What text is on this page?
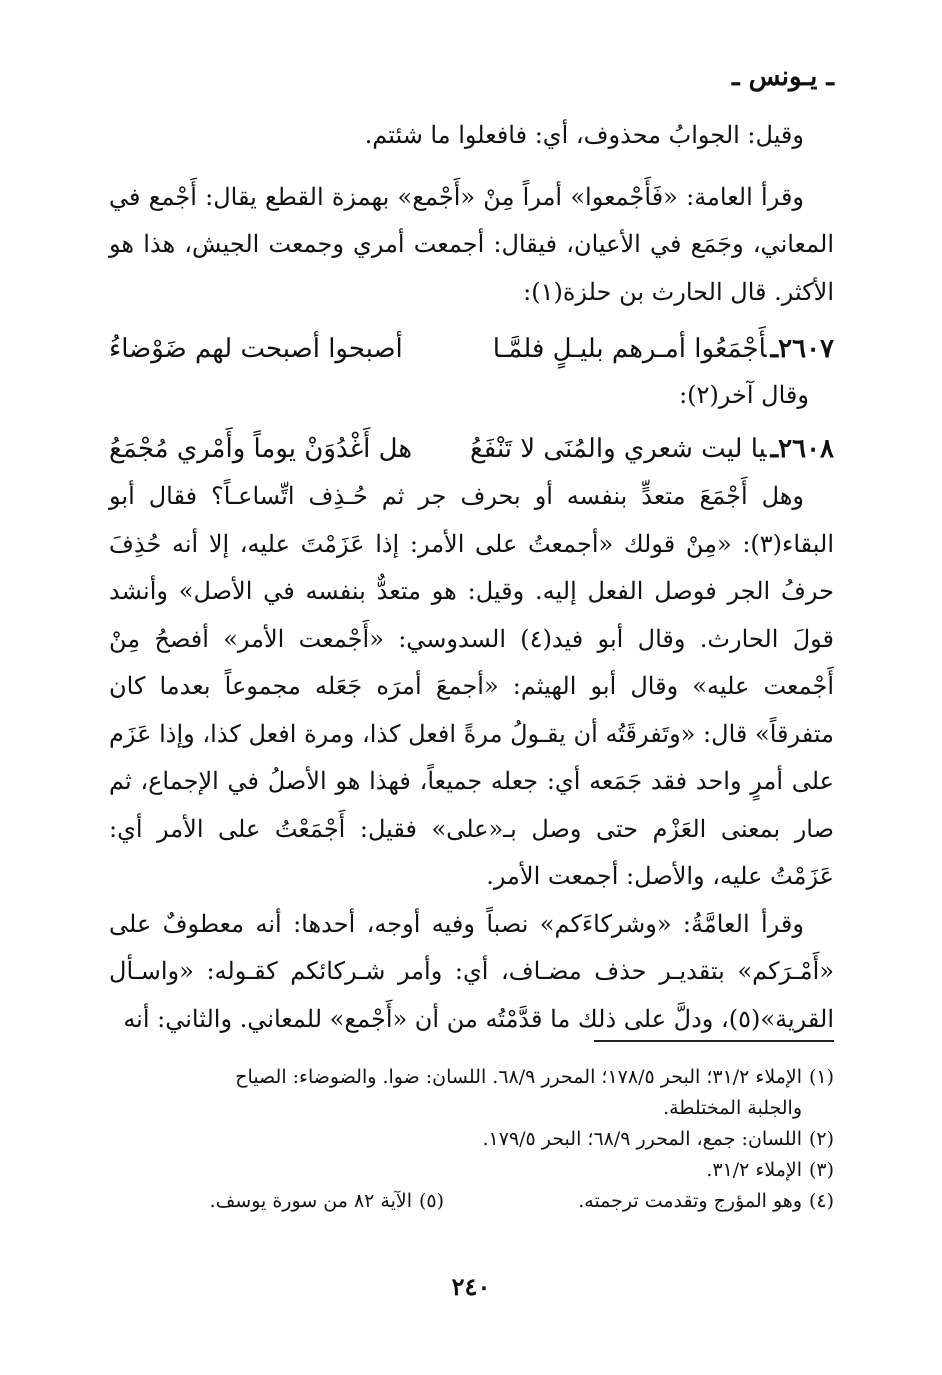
ـ يـونس ـ

وقيل: الجوابُ محذوف، أي: فافعلوا ما شئتم.

وقرأ العامة: «فَأَجْمعوا» أمراً مِنْ «أَجْمع» بهمزة القطع يقال: أَجْمع في المعاني، وجَمَع في الأعيان، فيقال: أجمعت أمري وجمعت الجيش، هذا هو الأكثر. قال الحارث بن حلزة(١):

٢٦٠٧ـأَجْمَعُوا أمـرهم بليـلٍ فلمَّـا
أصبحوا أصبحت لهم ضَوْضاءُ

وقال آخر(٢):

٢٦٠٨ـيا ليت شعري والمُنَى لا تَنْفَعُ
هل أَغْدُوَنْ يوماً وأَمْري مُجْمَعُ

وهل أَجْمَعَ متعدٍّ بنفسه أو بحرف جر ثم حُـذِف اتِّساعـاً؟ فقال أبو البقاء(٣): «مِنْ قولك «أجمعتُ على الأمر: إذا عَزَمْتَ عليه، إلا أنه حُذِفَ حرفُ الجر فوصل الفعل إليه. وقيل: هو متعدٌّ بنفسه في الأصل» وأنشد قولَ الحارث. وقال أبو فيد(٤) السدوسي: «أَجْمعت الأمر» أفصحُ مِنْ أَجْمعت عليه» وقال أبو الهيثم: «أجمعَ أمرَه جَعَله مجموعاً بعدما كان متفرقاً» قال: «وتَفرقَتُه أن يقـولُ مرةً افعل كذا، ومرة افعل كذا، وإذا عَزَم على أمرٍ واحد فقد جَمَعه أي: جعله جميعاً، فهذا هو الأصلُ في الإجماع، ثم صار بمعنى العَزْم حتى وصل بـ«على» فقيل: أَجْمَعْتُ على الأمر أي: عَزَمْتُ عليه، والأصل: أجمعت الأمر.

وقرأ العامَّةُ: «وشركاءَكم» نصباً وفيه أوجه، أحدها: أنه معطوفٌ على «أَمْـرَكم» بتقديـر حذف مضـاف، أي: وأمر شـركائكم كقـوله: «واسـأل القرية»(٥)، ودلَّ على ذلك ما قدَّمْتُه من أن «أَجْمع» للمعاني. والثاني: أنه

(١)الإملاء ٣١/٢؛ البحر ١٧٨/٥؛ المحرر ٦٨/٩. اللسان: ضوا. والضوضاء: الصياح

والجلبة المختلطة.

(٢)اللسان: جمع، المحرر ٦٨/٩؛ البحر ١٧٩/٥.

(٣)الإملاء ٣١/٢.

(٤)وهو المؤرج وتقدمت ترجمته.
(٥)الآية ٨٢ من سورة يوسف.
٢٤٠
